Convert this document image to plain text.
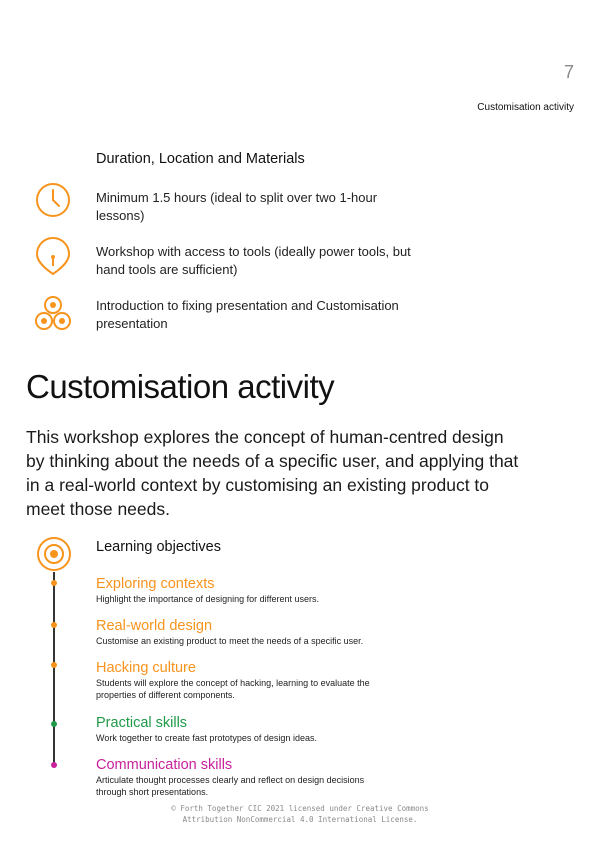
7
Customisation activity
Duration, Location and Materials
Minimum 1.5 hours (ideal to split over two 1-hour lessons)
Workshop with access to tools (ideally power tools, but hand tools are sufficient)
Introduction to fixing presentation and Customisation presentation
Customisation activity
This workshop explores the concept of human-centred design by thinking about the needs of a specific user, and applying that in a real-world context by customising an existing product to meet those needs.
Learning objectives
Exploring contexts
Highlight the importance of designing for different users.
Real-world design
Customise an existing product to meet the needs of a specific user.
Hacking culture
Students will explore the concept of hacking, learning to evaluate the properties of different components.
Practical skills
Work together to create fast prototypes of design ideas.
Communication skills
Articulate thought processes clearly and reflect on design decisions through short presentations.
© Forth Together CIC 2021 licensed under Creative Commons
Attribution NonCommercial 4.0 International License.
